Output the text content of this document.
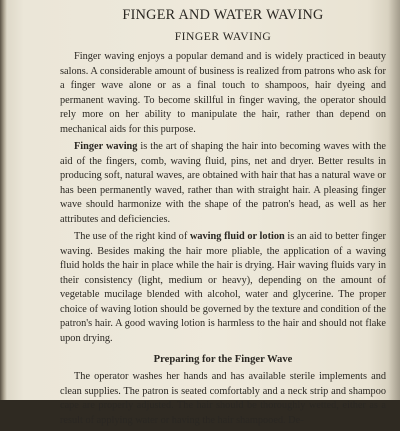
FINGER AND WATER WAVING
FINGER WAVING

Finger waving enjoys a popular demand and is widely practiced in beauty salons. A considerable amount of business is realized from patrons who ask for a finger wave alone or as a final touch to shampoos, hair dyeing and permanent waving. To become skillful in finger waving, the operator should rely more on her ability to manipulate the hair, rather than depend on mechanical aids for this purpose.

Finger waving is the art of shaping the hair into becoming waves with the aid of the fingers, comb, waving fluid, pins, net and dryer. Better results in producing soft, natural waves, are obtained with hair that has a natural wave or has been permanently waved, rather than with straight hair. A pleasing finger wave should harmonize with the shape of the patron's head, as well as her attributes and deficiencies.

The use of the right kind of waving fluid or lotion is an aid to better finger waving. Besides making the hair more pliable, the application of a waving fluid holds the hair in place while the hair is drying. Hair waving fluids vary in their consistency (light, medium or heavy), depending on the amount of vegetable mucilage blended with alcohol, water and glycerine. The proper choice of waving lotion should be governed by the texture and condition of the patron's hair. A good waving lotion is harmless to the hair and should not flake upon drying.

Preparing for the Finger Wave

The operator washes her hands and has available sterile implements and clean supplies. The patron is seated comfortably and a neck strip and shampoo cape are properly adjusted. The hair should be thoroughly wetted, either as a result of applying water or having the hair shampooed. De-
